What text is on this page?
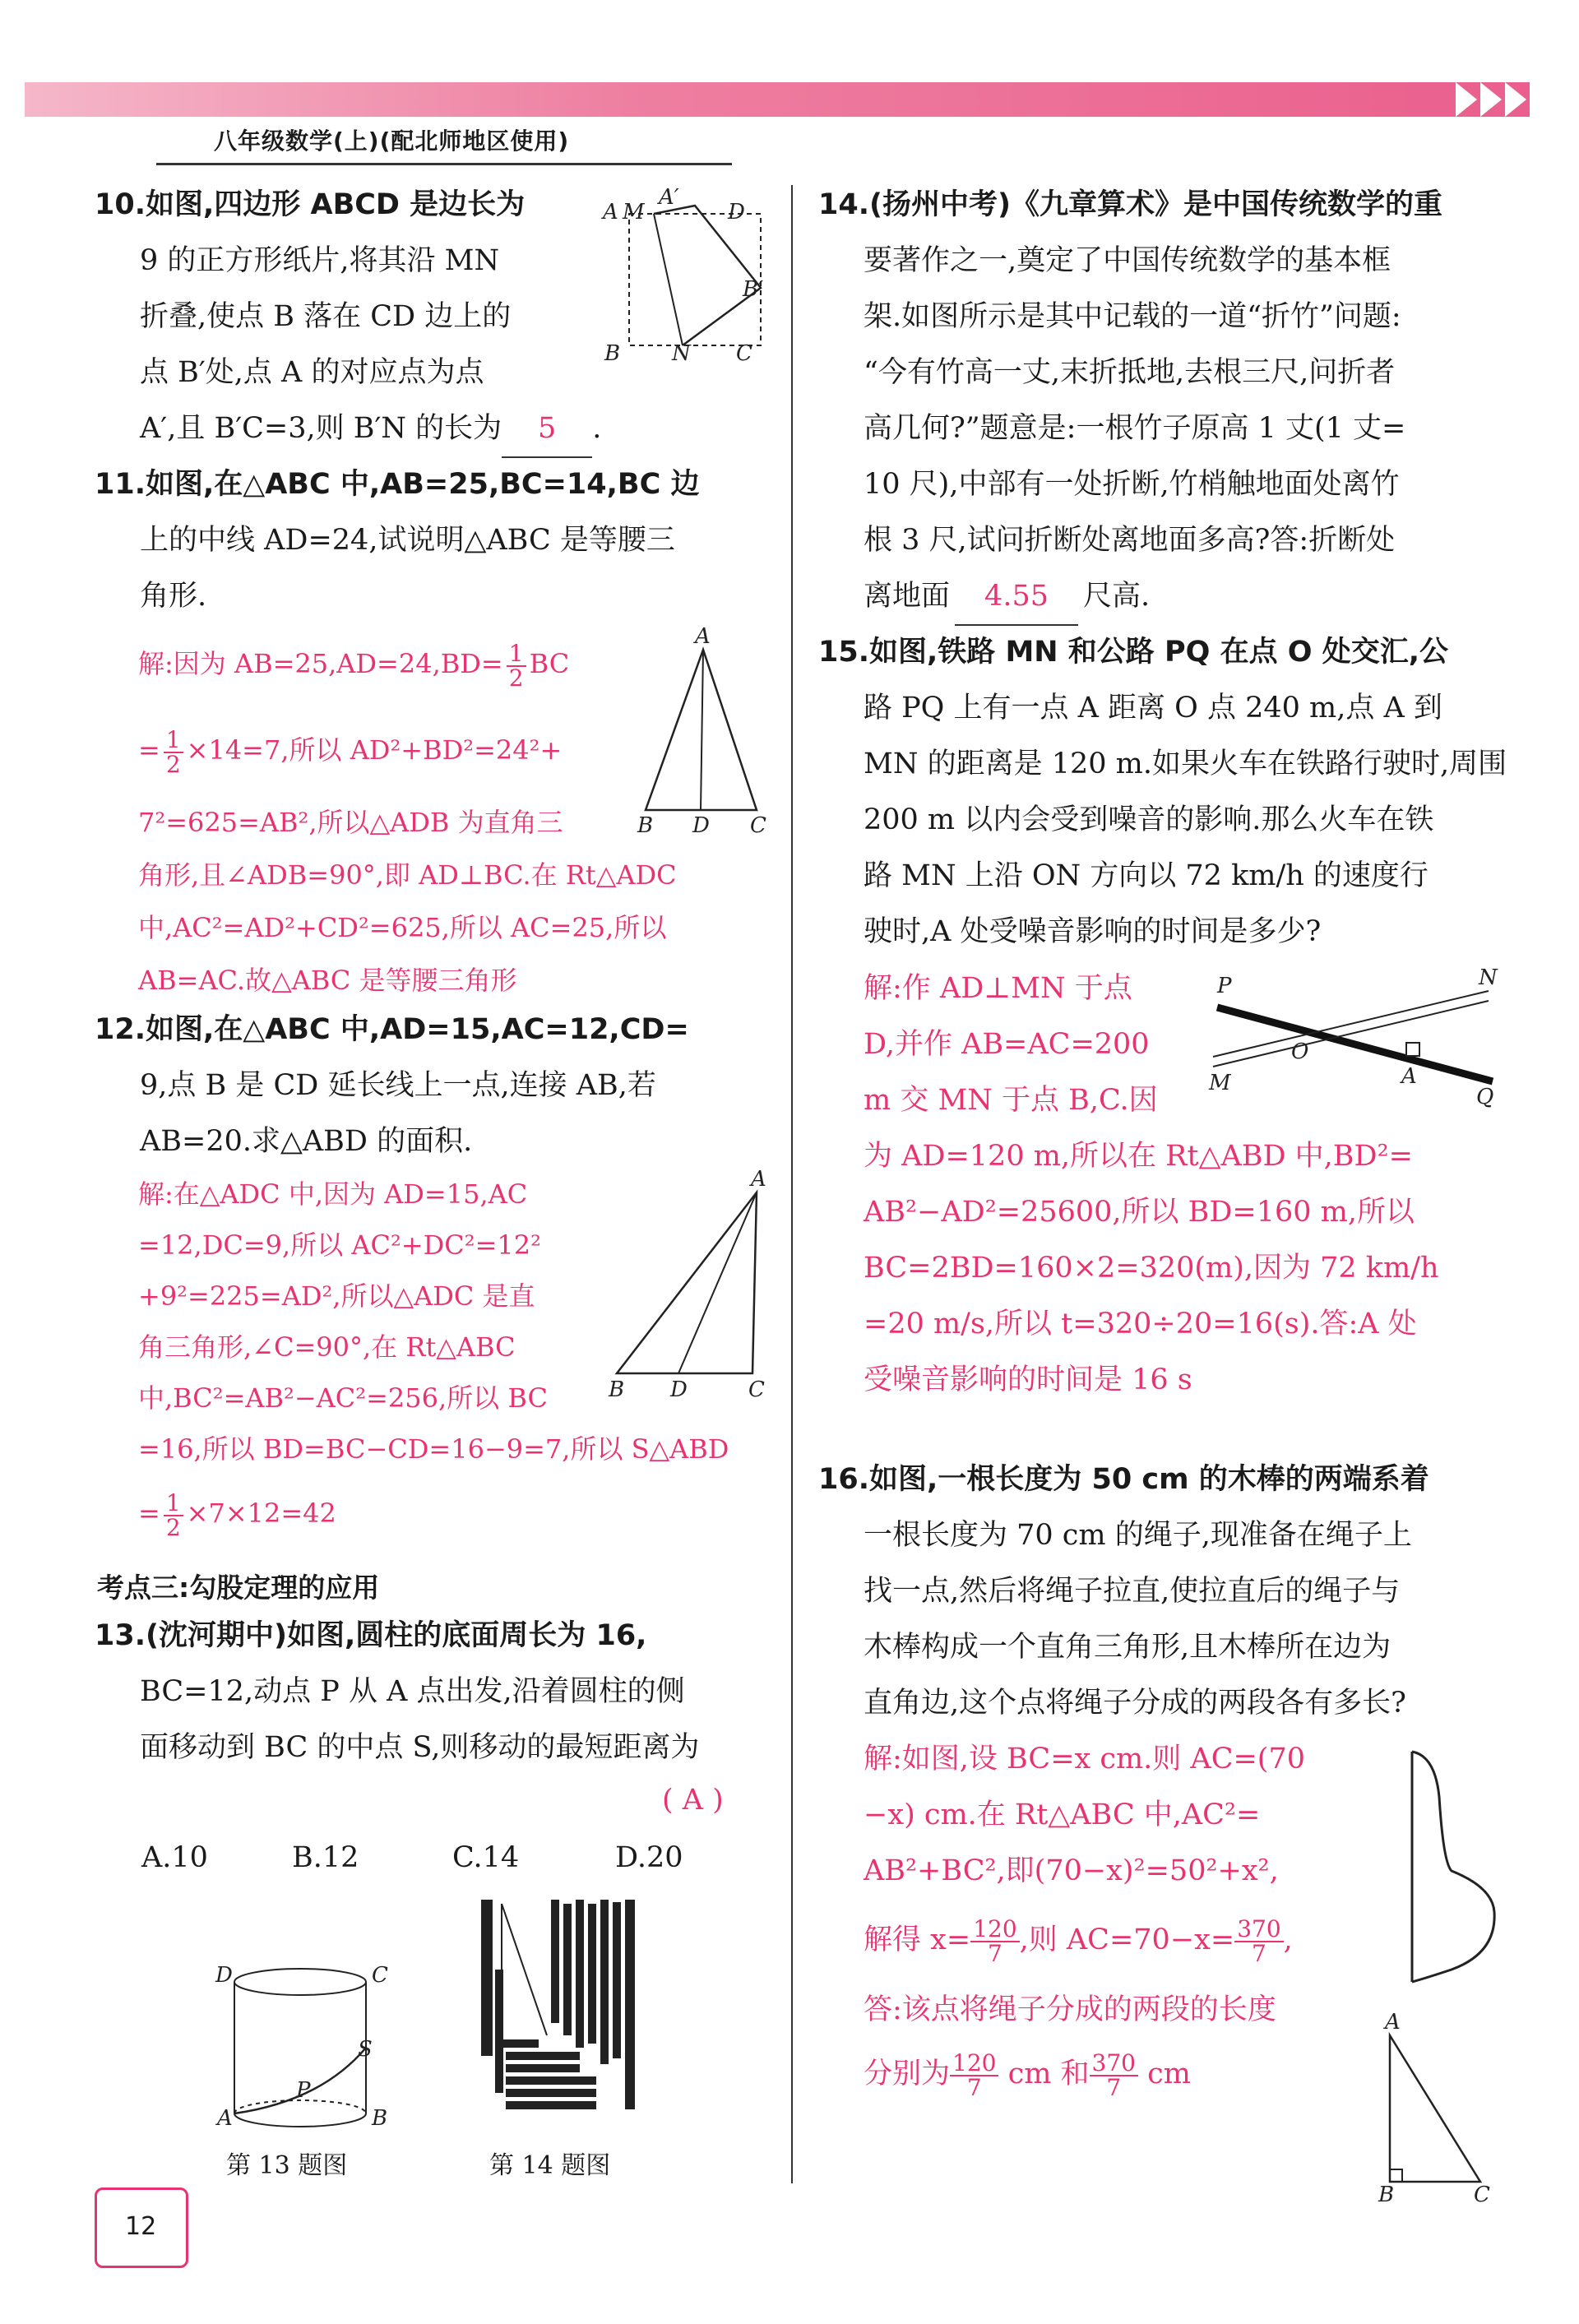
八年级数学(上)(配北师地区使用)
10.如图,四边形 ABCD 是边长为
9 的正方形纸片,将其沿 MN
折叠,使点 B 落在 CD 边上的
点 B′处,点 A 的对应点为点
A′,且 B′C=3,则 B′N 的长为 5 .
A M
A′
D
B′
B N C
11.如图,在△ABC 中,AB=25,BC=14,BC 边
上的中线 AD=24,试说明△ABC 是等腰三
角形.
解:因为 $AB=25,AD=24,BD= \frac{1}{2}$ BC
= $\frac{1}{2} \times 14=7$,所以 AD²+BD²=24²+
7²=625=AB²,所以△ADB 为直角三
角形,且∠ADB=90°,即 AD⊥BC.在 Rt△ADC
中,AC²=AD²+CD²=625,所以 AC=25,所以
AB=AC.故△ABC 是等腰三角形
A
B D C
12.如图,在△ABC 中,AD=15,AC=12,CD=
9,点 B 是 CD 延长线上一点,连接 AB,若
AB=20.求△ABD 的面积.
解:在△ADC 中,因为 AD=15,AC
=12,DC=9,所以 AC²+DC²=12²
+9²=225=AD²,所以△ADC 是直
角三角形,∠C=90°,在 Rt△ABC
中,BC²=AB²−AC²=256,所以 BC
=16,所以 BD=BC−CD=16−9=7,所以 S△ABD
= $\frac{1}{2} \times 7\times 12=42$
A
B D	C
考点三:勾股定理的应用
13.(沈河期中)如图,圆柱的底面周长为 16,
BC=12,动点 P 从 A 点出发,沿着圆柱的侧
面移动到 BC 的中点 S,则移动的最短距离为
( A )
A.10	B.12	C.14	D.20
D	C
S
P
A	B
第 13 题图	第 14 题图
14.(扬州中考)《九章算术》是中国传统数学的重
要著作之一,奠定了中国传统数学的基本框
架.如图所示是其中记载的一道“折竹”问题:
“今有竹高一丈,末折抵地,去根三尺,问折者
高几何?”题意是:一根竹子原高 1 丈(1 丈=
10 尺),中部有一处折断,竹梢触地面处离竹
根 3 尺,试问折断处离地面多高?答:折断处
离地面 4.55 尺高.
15.如图,铁路 MN 和公路 PQ 在点 O 处交汇,公
路 PQ 上有一点 A 距离 O 点 240 m,点 A 到
MN 的距离是 120 m.如果火车在铁路行驶时,周围
200 m 以内会受到噪音的影响.那么火车在铁
路 MN 上沿 ON 方向以 72 km/h 的速度行
驶时,A 处受噪音影响的时间是多少?
解:作 AD⊥MN 于点
D,并作 AB=AC=200
m 交 MN 于点 B,C.因
为 AD=120 m,所以在 Rt△ABD 中,BD²=
AB²−AD²=25600,所以 BD=160 m,所以
BC=2BD=160×2=320(m),因为 72 km/h
=20 m/s,所以 t=320÷20=16(s).答:A 处
受噪音影响的时间是 16 s
P	N
M
O
A
Q
16.如图,一根长度为 50 cm 的木棒的两端系着
一根长度为 70 cm 的绳子,现准备在绳子上
找一点,然后将绳子拉直,使拉直后的绳子与
木棒构成一个直角三角形,且木棒所在边为
直角边,这个点将绳子分成的两段各有多长?
解:如图,设 BC=x cm.则 AC=(70
−x) cm.在 Rt△ABC 中,AC²=
AB²+BC²,即(70−x)²=50²+x²,
解得 $x= \frac{120}{7}$ ,则 $AC=70-x= \frac{370}{7}$ ,
答:该点将绳子分成的两段的长度
分别为 $\frac{120}{7}$ cm 和 $\frac{370}{7}$ cm
A
B	C
12
